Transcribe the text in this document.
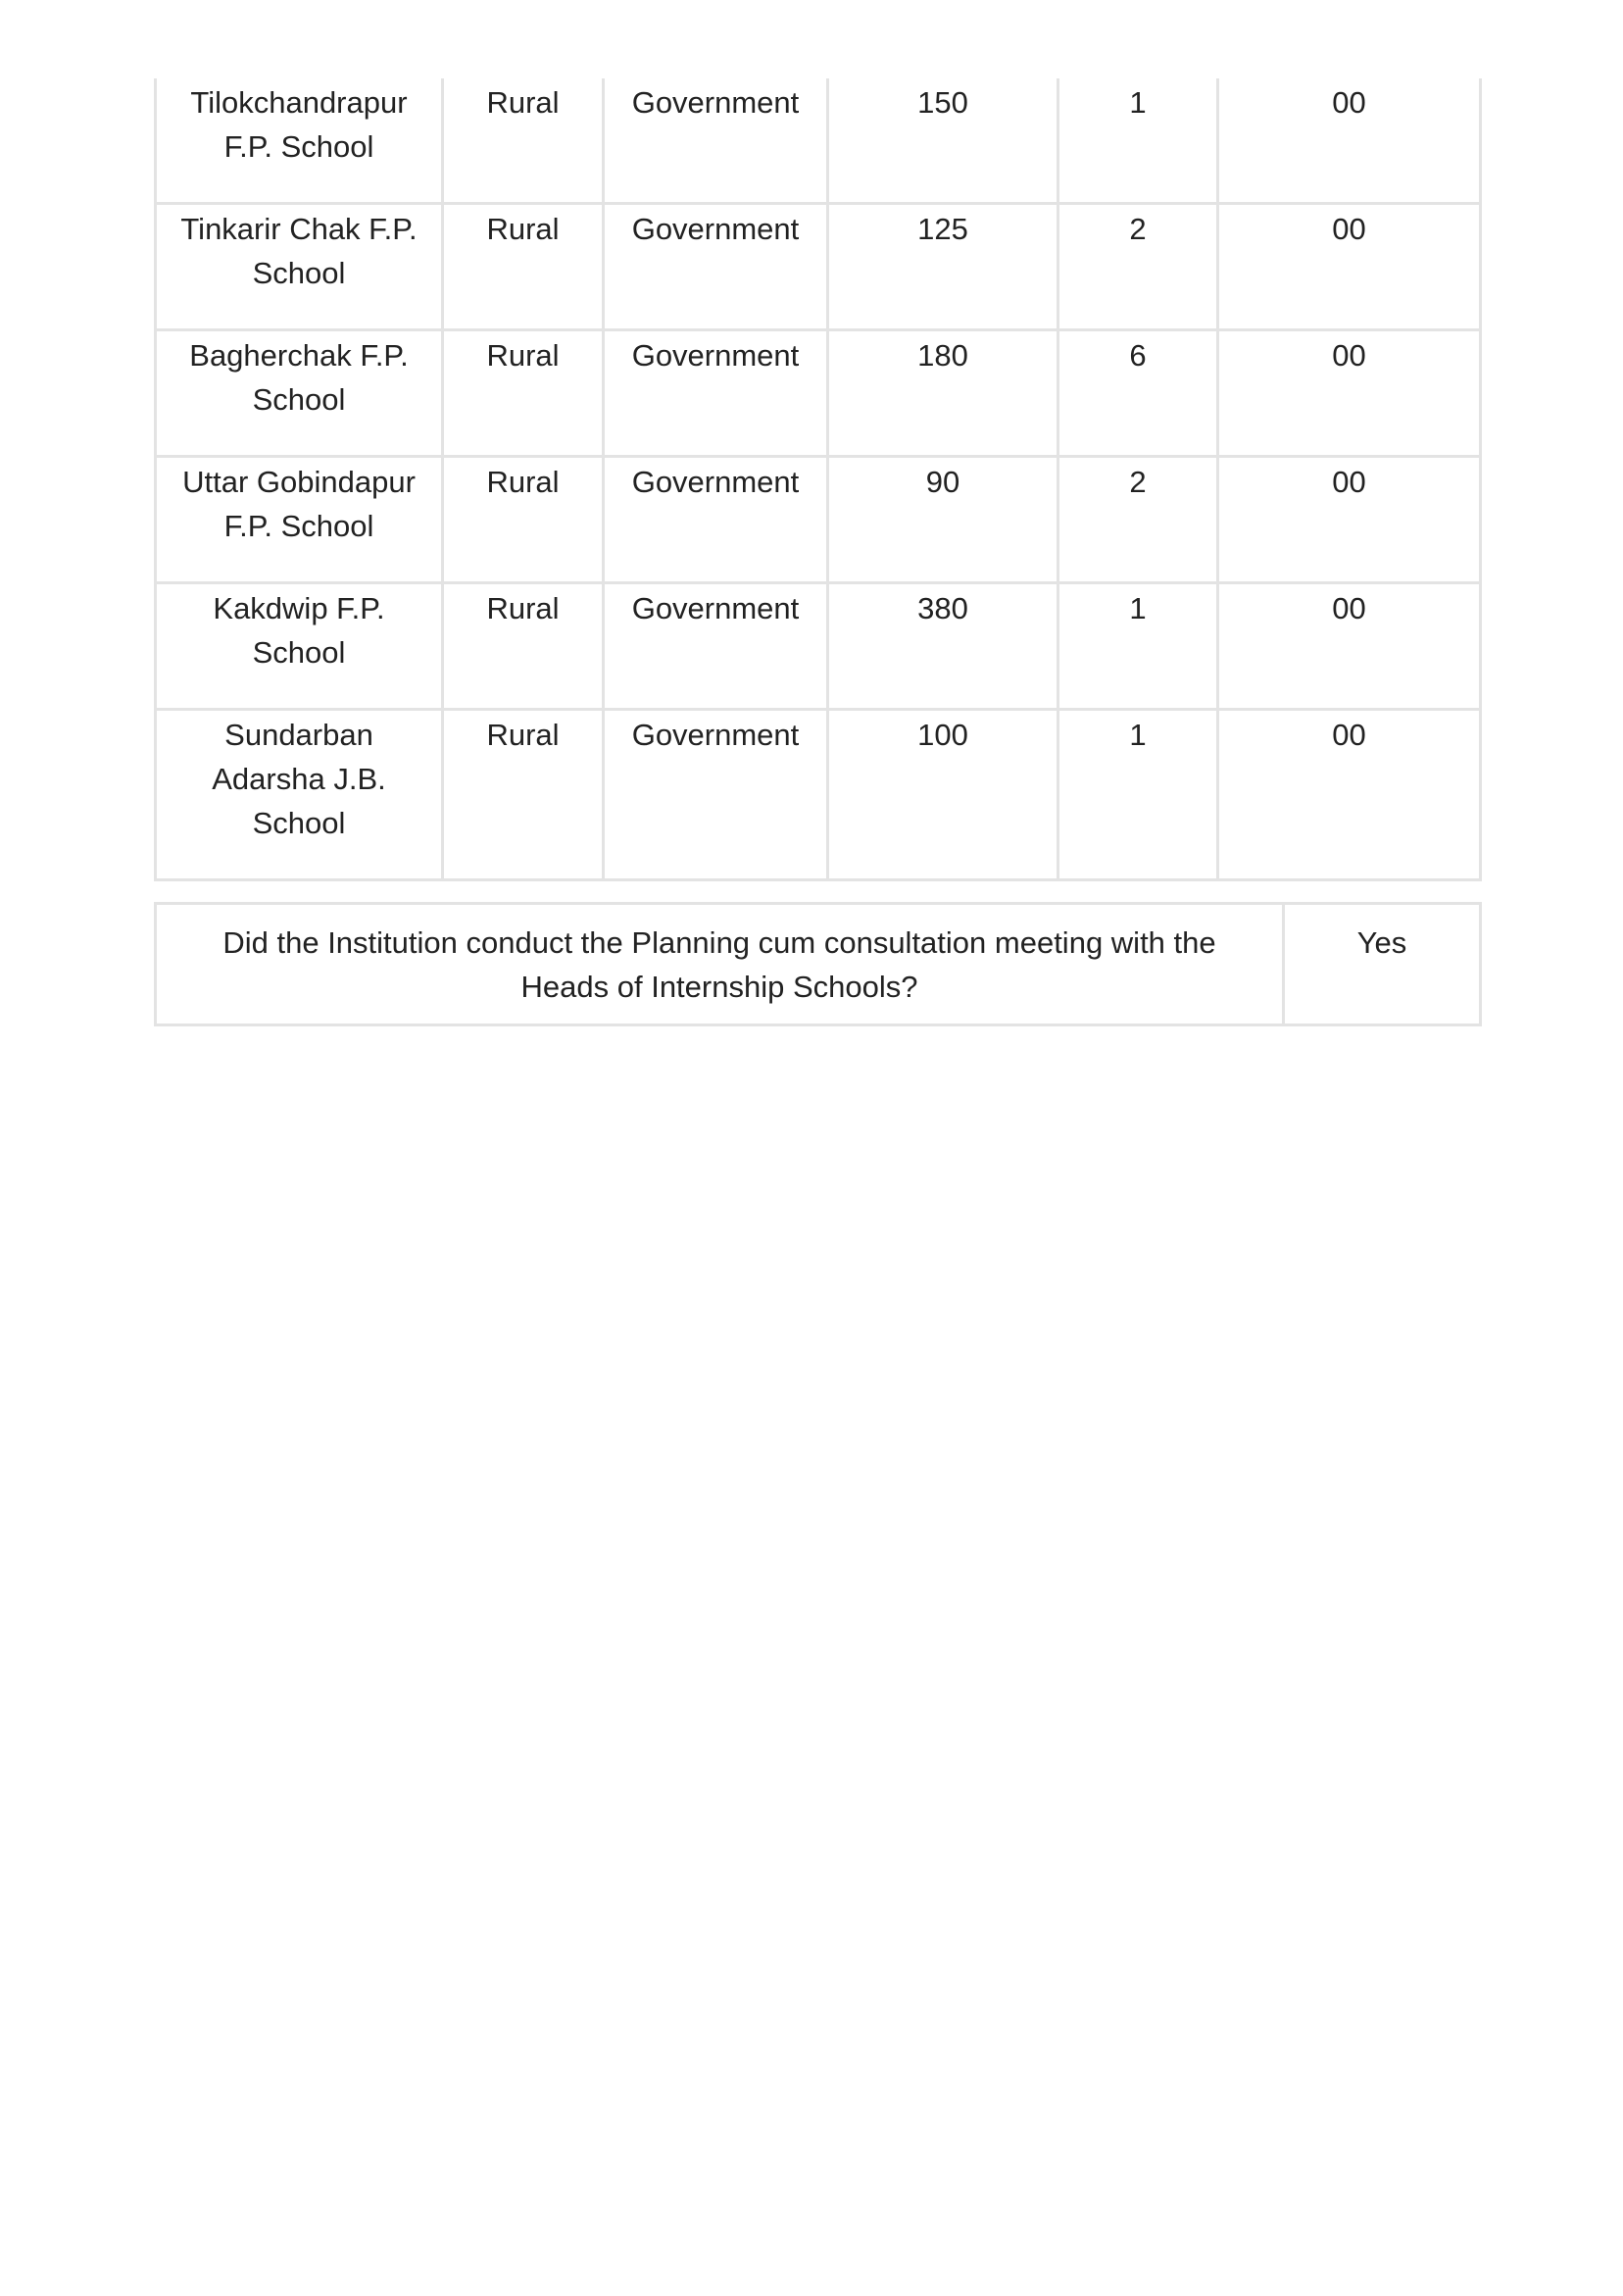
Tilokchandrapur F.P. School	Rural	Government	150	1	00
Tinkarir Chak F.P. School	Rural	Government	125	2	00
Bagherchak F.P. School	Rural	Government	180	6	00
Uttar Gobindapur F.P. School	Rural	Government	90	2	00
Kakdwip F.P. School	Rural	Government	380	1	00
Sundarban Adarsha J.B. School	Rural	Government	100	1	00
Did the Institution conduct the Planning cum consultation meeting with the Heads of Internship Schools?	Yes
